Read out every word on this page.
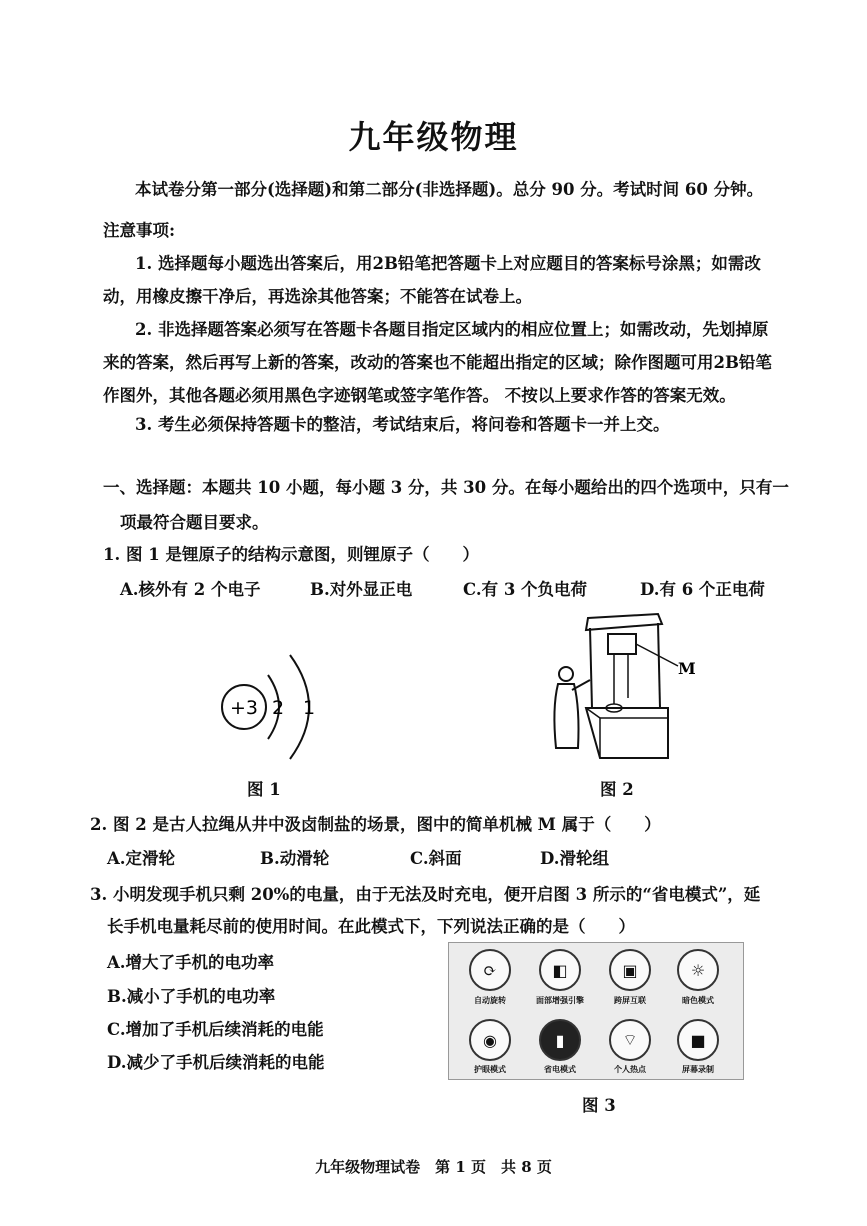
九年级物理
本试卷分第一部分(选择题)和第二部分(非选择题)。总分 90 分。考试时间 60 分钟。
注意事项:
1. 选择题每小题选出答案后，用2B铅笔把答题卡上对应题目的答案标号涂黑；如需改
动，用橡皮擦干净后，再选涂其他答案；不能答在试卷上。
2. 非选择题答案必须写在答题卡各题目指定区域内的相应位置上；如需改动，先划掉原
来的答案，然后再写上新的答案，改动的答案也不能超出指定的区域；除作图题可用2B铅笔
作图外，其他各题必须用黑色字迹钢笔或签字笔作答。 不按以上要求作答的答案无效。
3. 考生必须保持答题卡的整洁，考试结束后，将问卷和答题卡一并上交。
一、选择题：本题共 10 小题，每小题 3 分，共 30 分。在每小题给出的四个选项中，只有一
项最符合题目要求。
1. 图 1 是锂原子的结构示意图，则锂原子（　　）
A.核外有 2 个电子	B.对外显正电	C.有 3 个负电荷	D.有 6 个正电荷
+3 2 1
图 1
M
图 2
2. 图 2 是古人拉绳从井中汲卤制盐的场景，图中的简单机械 M 属于（　　）
A.定滑轮	B.动滑轮	C.斜面	D.滑轮组
3. 小明发现手机只剩 20%的电量，由于无法及时充电，便开启图 3 所示的“省电模式”，延
长手机电量耗尽前的使用时间。在此模式下，下列说法正确的是（　　）
A.增大了手机的电功率
B.减小了手机的电功率
C.增加了手机后续消耗的电能
D.减少了手机后续消耗的电能
⟳	◧	▣	☼
自动旋转	面部增强引擎	跨屏互联	暗色模式
◉	▮	⌔	■
护眼模式	省电模式	个人热点	屏幕录制
图 3
九年级物理试卷　第 1 页　共 8 页
